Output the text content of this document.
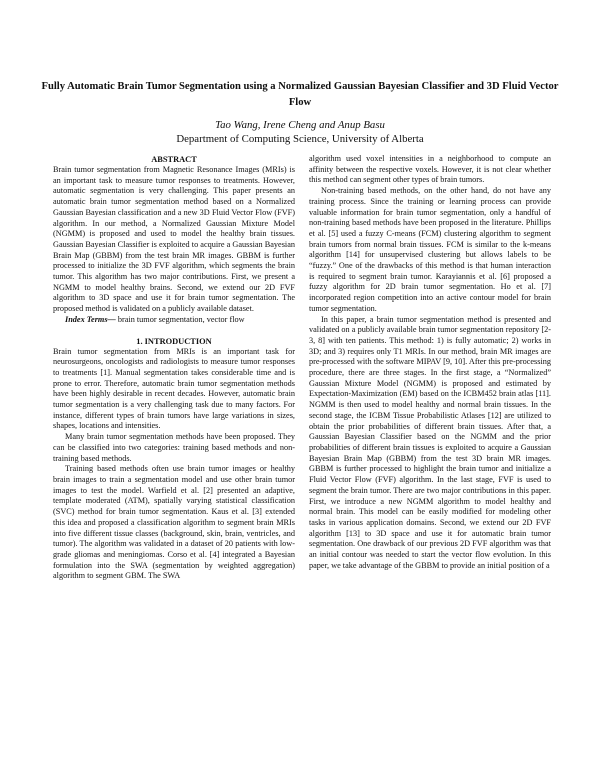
Fully Automatic Brain Tumor Segmentation using a Normalized Gaussian Bayesian Classifier and 3D Fluid Vector Flow
Tao Wang, Irene Cheng and Anup Basu
Department of Computing Science, University of Alberta
ABSTRACT

Brain tumor segmentation from Magnetic Resonance Images (MRIs) is an important task to measure tumor responses to treatments. However, automatic segmentation is very challenging. This paper presents an automatic brain tumor segmentation method based on a Normalized Gaussian Bayesian classification and a new 3D Fluid Vector Flow (FVF) algorithm. In our method, a Normalized Gaussian Mixture Model (NGMM) is proposed and used to model the healthy brain tissues. Gaussian Bayesian Classifier is exploited to acquire a Gaussian Bayesian Brain Map (GBBM) from the test brain MR images. GBBM is further processed to initialize the 3D FVF algorithm, which segments the brain tumor. This algorithm has two major contributions. First, we present a NGMM to model healthy brains. Second, we extend our 2D FVF algorithm to 3D space and use it for brain tumor segmentation. The proposed method is validated on a publicly available dataset.

Index Terms— brain tumor segmentation, vector flow

1. INTRODUCTION

Brain tumor segmentation from MRIs is an important task for neurosurgeons, oncologists and radiologists to measure tumor responses to treatments [1]. Manual segmentation takes considerable time and is prone to error. Therefore, automatic brain tumor segmentation methods have been highly desirable in recent decades. However, automatic brain tumor segmentation is a very challenging task due to many factors. For instance, different types of brain tumors have large variations in sizes, shapes, locations and intensities.

Many brain tumor segmentation methods have been proposed. They can be classified into two categories: training based methods and non-training based methods.

Training based methods often use brain tumor images or healthy brain images to train a segmentation model and use other brain tumor images to test the model. Warfield et al. [2] presented an adaptive, template moderated (ATM), spatially varying statistical classification (SVC) method for brain tumor segmentation. Kaus et al. [3] extended this idea and proposed a classification algorithm to segment brain MRIs into five different tissue classes (background, skin, brain, ventricles, and tumor). The algorithm was validated in a dataset of 20 patients with low-grade gliomas and meningiomas. Corso et al. [4] integrated a Bayesian formulation into the SWA (segmentation by weighted aggregation) algorithm to segment GBM. The SWA

algorithm used voxel intensities in a neighborhood to compute an affinity between the respective voxels. However, it is not clear whether this method can segment other types of brain tumors.

Non-training based methods, on the other hand, do not have any training process. Since the training or learning process can provide valuable information for brain tumor segmentation, only a handful of non-training based methods have been proposed in the literature. Phillips et al. [5] used a fuzzy C-means (FCM) clustering algorithm to segment brain tumors from normal brain tissues. FCM is similar to the k-means algorithm [14] for unsupervised clustering but allows labels to be “fuzzy.” One of the drawbacks of this method is that human interaction is required to segment brain tumor. Karayiannis et al. [6] proposed a fuzzy algorithm for 2D brain tumor segmentation. Ho et al. [7] incorporated region competition into an active contour model for brain tumor segmentation.

In this paper, a brain tumor segmentation method is presented and validated on a publicly available brain tumor segmentation repository [2-3, 8] with ten patients. This method: 1) is fully automatic; 2) works in 3D; and 3) requires only T1 MRIs. In our method, brain MR images are pre-processed with the software MIPAV [9, 10]. After this pre-processing procedure, there are three stages. In the first stage, a “Normalized” Gaussian Mixture Model (NGMM) is proposed and estimated by Expectation-Maximization (EM) based on the ICBM452 brain atlas [11]. NGMM is then used to model healthy and normal brain tissues. In the second stage, the ICBM Tissue Probabilistic Atlases [12] are utilized to obtain the prior probabilities of different brain tissues. After that, a Gaussian Bayesian Classifier based on the NGMM and the prior probabilities of different brain tissues is exploited to acquire a Gaussian Bayesian Brain Map (GBBM) from the test 3D brain MR images. GBBM is further processed to highlight the brain tumor and initialize a Fluid Vector Flow (FVF) algorithm. In the last stage, FVF is used to segment the brain tumor. There are two major contributions in this paper. First, we introduce a new NGMM algorithm to model healthy and normal brain. This model can be easily modified for modeling other tasks in various application domains. Second, we extend our 2D FVF algorithm [13] to 3D space and use it for automatic brain tumor segmentation. One drawback of our previous 2D FVF algorithm was that an initial contour was needed to start the vector flow evolution. In this paper, we take advantage of the GBBM to provide an initial position of a
